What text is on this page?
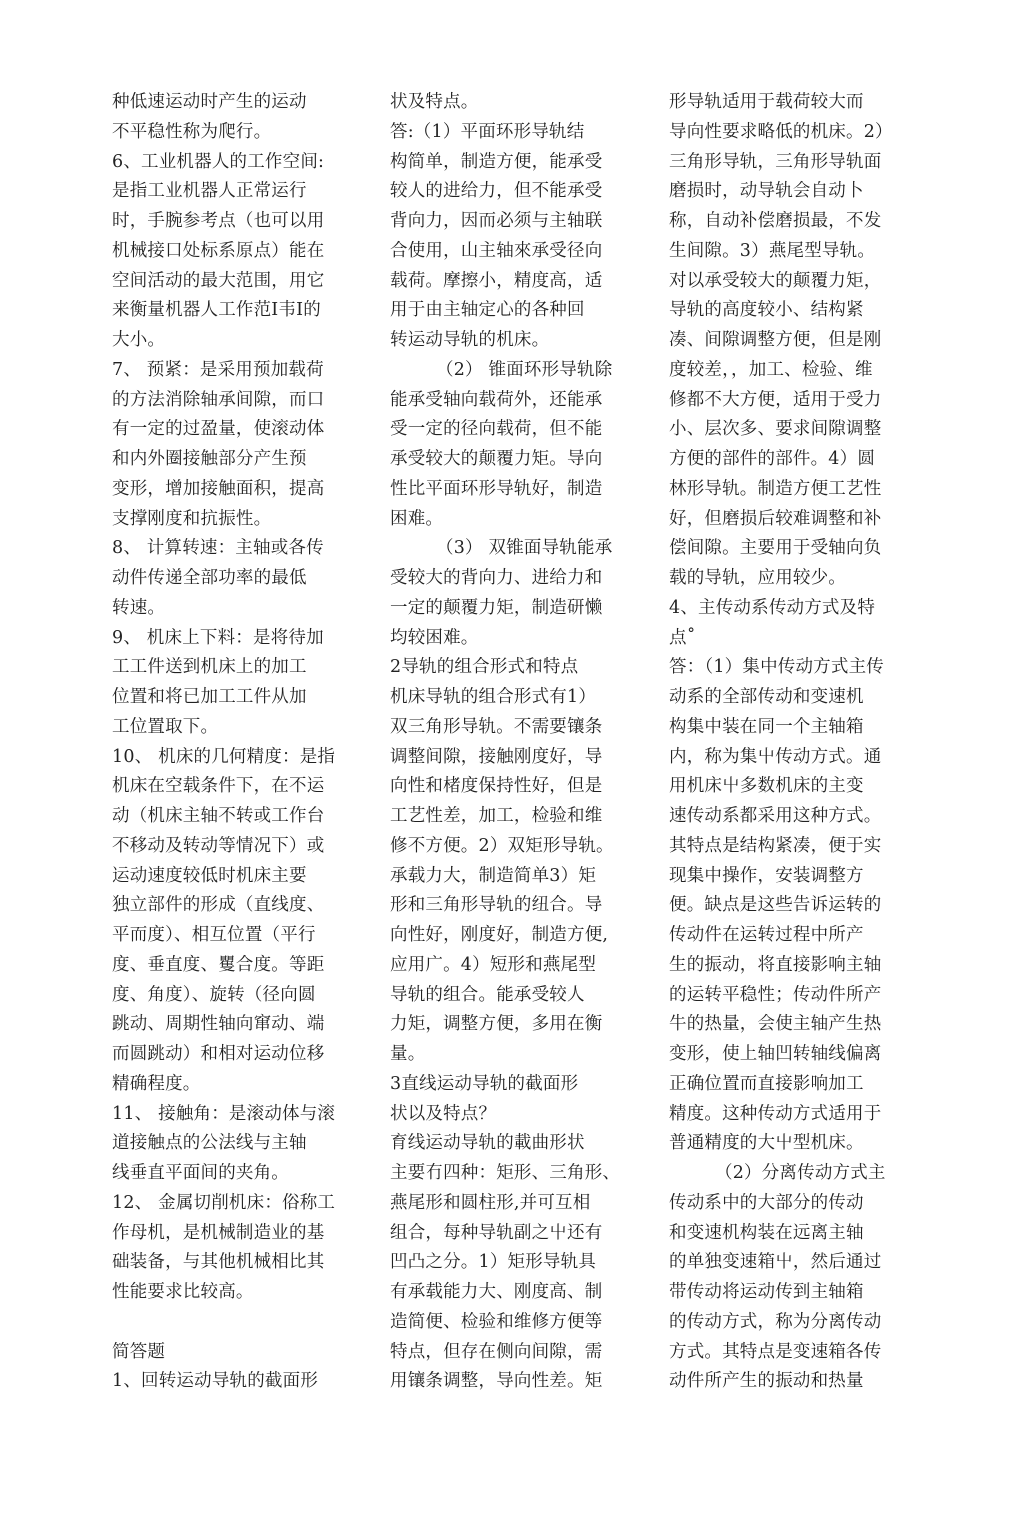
种低速运动时产生的运动
不平稳性称为爬行。
6、工业机器人的工作空间:
是指工业机器人正常运行
时，手腕参考点（也可以用
机械接口处标系原点）能在
空间活动的最大范围，用它
来衡量机器人工作范I韦I的
大小。
7、 预紧：是采用预加载荷
的方法消除轴承间隙，而口
有一定的过盈量，使滚动体
和内外圈接触部分产生预
变形，增加接触面积，提高
支撑刚度和抗振性。
8、 计算转速：主轴或各传
动件传递全部功率的最低
转速。
9、 机床上下料：是将待加
工工件送到机床上的加工
位置和将已加工工件从加
工位置取下。
10、 机床的几何精度：是指
机床在空载条件下，在不运
动（机床主轴不转或工作台
不移动及转动等情况下）或
运动速度较低时机床主要
独立部件的形成（直线度、
平而度）、相互位置（平行
度、垂直度、矍合度。等距
度、角度）、旋转（径向圆
跳动、周期性轴向窜动、端
而圆跳动）和相对运动位移
精确程度。
11、 接触角：是滚动体与滚
道接触点的公法线与主轴
线垂直平面间的夹角。
12、 金属切削机床：俗称工
作母机，是机械制造业的基
础装备，与其他机械相比其
性能要求比较高。
简答题
1、回转运动导轨的截面形
状及特点。
答:（1）平面环形导轨结
构简单，制造方便，能承受
较人的进给力，但不能承受
背向力，因而必须与主轴联
合使用，山主轴來承受径向
载荷。摩擦小，精度高，适
用于由主轴定心的各种回
转运动导轨的机床。
（2） 锥面环形导轨除
能承受轴向载荷外，还能承
受一定的径向载荷，但不能
承受较大的颠覆力矩。导向
性比平面环形导轨好，制造
困难。
（3） 双锥面导轨能承
受较大的背向力、进给力和
一定的颠覆力矩，制造研懒
均较困难。
2导轨的组合形式和特点
机床导轨的组合形式有1）
双三角形导轨。不需要镶条
调整间隙，接触刚度好，导
向性和楮度保持性好，但是
工艺性差，加工，检验和维
修不方便。2）双矩形导轨。
承载力大，制造简单3）矩
形和三角形导轨的纽合。导
向性好，刚度好，制造方便,
应用广。4）短形和燕尾型
导轨的组合。能承受较人
力矩，调整方便，多用在衡
量。
3直线运动导轨的截面形
状以及特点？
育线运动导轨的載曲形状
主要冇四种：矩形、三角形、
燕尾形和圆柱形,并可互相
组合，每种导轨副之屮还有
凹凸之分。1）矩形导轨具
有承载能力大、刚度高、制
造简便、检验和维修方便等
特点，但存在侧向间隙，需
用镶条调整，导向性差。矩
形导轨适用于载荷较大而
导向性要求略低的机床。2）
三角形导轨，三角形导轨面
磨损时，动导轨会自动卜
称，自动补偿磨损最，不发
生间隙。3）燕尾型导轨。
对以承受较大的颠覆力矩，
导轨的高度较小、结构紧
凑、间隙调整方便，但是刚
度较差，，加工、检验、维
修都不大方便，适用于受力
小、层次多、要求间隙调整
方便的部件的部件。4）圆
林形导轨。制造方便工艺性
好，但磨损后较难调整和补
偿间隙。主要用于受轴向负
载的导轨，应用较少。
4、主传动系传动方式及特
点˚
答：（1）集中传动方式主传
动系的全部传动和变速机
构集中装在同一个主轴箱
内，称为集屮传动方式。通
用机床屮多数机床的主变
速传动系都采用这种方式。
其特点是结构紧凑，便于实
现集中操作，安装调整方
便。缺点是这些告诉运转的
传动件在运转过程中所产
生的振动，将直接影响主轴
的运转平稳性；传动件所产
牛的热量，会使主轴产生热
变形，使上轴凹转轴线偏离
正确位置而直接影响加工
精度。这种传动方式适用于
普通精度的大屮型机床。
（2）分离传动方式主
传动系中的大部分的传动
和变速机构装在远离主轴
的单独变速箱屮，然后通过
带传动将运动传到主轴箱
的传动方式，称为分离传动
方式。其特点是变速箱各传
动件所产生的振动和热量
